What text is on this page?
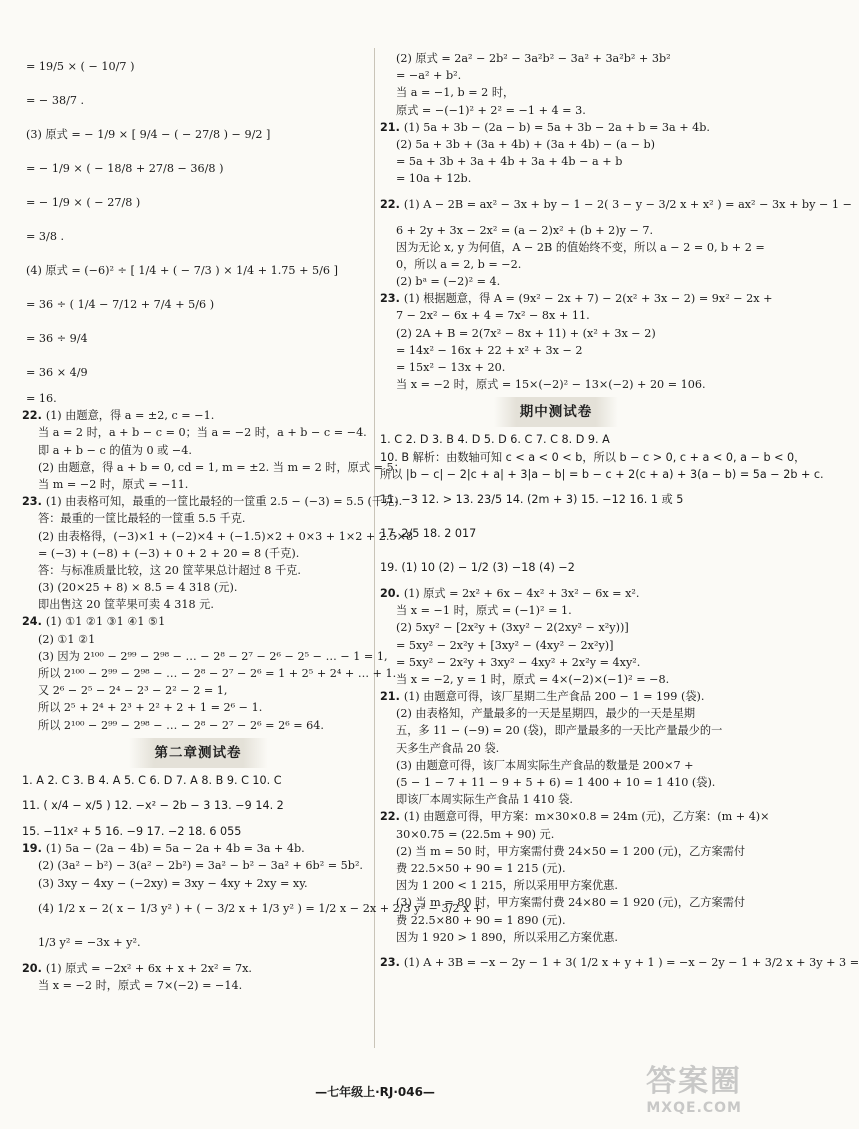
= 19/5 × ( − 10/7 )
= − 38/7 .
(3) 原式 = − 1/9 × [ 9/4 − ( − 27/8 ) − 9/2 ]
= − 1/9 × ( − 18/8 + 27/8 − 36/8 )
= − 1/9 × ( − 27/8 )
= 3/8 .
(4) 原式 = (−6)² ÷ [ 1/4 + ( − 7/3 ) × 1/4 + 1.75 + 5/6 ]
= 36 ÷ ( 1/4 − 7/12 + 7/4 + 5/6 )
= 36 ÷ 9/4
= 36 × 4/9
= 16.
22. (1) 由题意，得 a = ±2, c = −1.
当 a = 2 时，a + b − c = 0；当 a = −2 时，a + b − c = −4.
即 a + b − c 的值为 0 或 −4.
(2) 由题意，得 a + b = 0, cd = 1, m = ±2. 当 m = 2 时，原式 = 5；
当 m = −2 时，原式 = −11.
23. (1) 由表格可知，最重的一筐比最轻的一筐重 2.5 − (−3) = 5.5 (千克).
答：最重的一筐比最轻的一筐重 5.5 千克.
(2) 由表格得，(−3)×1 + (−2)×4 + (−1.5)×2 + 0×3 + 1×2 + 2.5×8
= (−3) + (−8) + (−3) + 0 + 2 + 20 = 8 (千克).
答：与标准质量比较，这 20 筐苹果总计超过 8 千克.
(3) (20×25 + 8) × 8.5 = 4 318 (元).
即出售这 20 筐苹果可卖 4 318 元.
24. (1) ①1 ②1 ③1 ④1 ⑤1
(2) ①1 ②1
(3) 因为 2¹⁰⁰ − 2⁹⁹ − 2⁹⁸ − … − 2⁸ − 2⁷ − 2⁶ − 2⁵ − … − 1 = 1,
所以 2¹⁰⁰ − 2⁹⁹ − 2⁹⁸ − … − 2⁸ − 2⁷ − 2⁶ = 1 + 2⁵ + 2⁴ + … + 1.
又 2⁶ − 2⁵ − 2⁴ − 2³ − 2² − 2 = 1,
所以 2⁵ + 2⁴ + 2³ + 2² + 2 + 1 = 2⁶ − 1.
所以 2¹⁰⁰ − 2⁹⁹ − 2⁹⁸ − … − 2⁸ − 2⁷ − 2⁶ = 2⁶ = 64.
第二章测试卷
1. A 2. C 3. B 4. A 5. C 6. D 7. A 8. B 9. C 10. C
11. ( x/4 − x/5 ) 12. −x² − 2b − 3 13. −9 14. 2
15. −11x² + 5 16. −9 17. −2 18. 6 055
19. (1) 5a − (2a − 4b) = 5a − 2a + 4b = 3a + 4b.
(2) (3a² − b²) − 3(a² − 2b²) = 3a² − b² − 3a² + 6b² = 5b².
(3) 3xy − 4xy − (−2xy) = 3xy − 4xy + 2xy = xy.
(4) 1/2 x − 2( x − 1/3 y² ) + ( − 3/2 x + 1/3 y² ) = 1/2 x − 2x + 2/3 y² − 3/2 x +
1/3 y² = −3x + y².
20. (1) 原式 = −2x² + 6x + x + 2x² = 7x.
当 x = −2 时，原式 = 7×(−2) = −14.
(2) 原式 = 2a² − 2b² − 3a²b² − 3a² + 3a²b² + 3b²
= −a² + b².
当 a = −1, b = 2 时，
原式 = −(−1)² + 2² = −1 + 4 = 3.
21. (1) 5a + 3b − (2a − b) = 5a + 3b − 2a + b = 3a + 4b.
(2) 5a + 3b + (3a + 4b) + (3a + 4b) − (a − b)
= 5a + 3b + 3a + 4b + 3a + 4b − a + b
= 10a + 12b.
22. (1) A − 2B = ax² − 3x + by − 1 − 2( 3 − y − 3/2 x + x² ) = ax² − 3x + by − 1 −
6 + 2y + 3x − 2x² = (a − 2)x² + (b + 2)y − 7.
因为无论 x, y 为何值，A − 2B 的值始终不变，所以 a − 2 = 0, b + 2 =
0，所以 a = 2, b = −2.
(2) bᵃ = (−2)² = 4.
23. (1) 根据题意，得 A = (9x² − 2x + 7) − 2(x² + 3x − 2) = 9x² − 2x +
7 − 2x² − 6x + 4 = 7x² − 8x + 11.
(2) 2A + B = 2(7x² − 8x + 11) + (x² + 3x − 2)
= 14x² − 16x + 22 + x² + 3x − 2
= 15x² − 13x + 20.
当 x = −2 时，原式 = 15×(−2)² − 13×(−2) + 20 = 106.
期中测试卷
1. C 2. D 3. B 4. D 5. D 6. C 7. C 8. D 9. A
10. B 解析：由数轴可知 c < a < 0 < b，所以 b − c > 0, c + a < 0, a − b < 0，
所以 |b − c| − 2|c + a| + 3|a − b| = b − c + 2(c + a) + 3(a − b) = 5a − 2b + c.
11. −3 12. > 13. 23/5 14. (2m + 3) 15. −12 16. 1 或 5
17. 2/5 18. 2 017
19. (1) 10 (2) − 1/2 (3) −18 (4) −2
20. (1) 原式 = 2x² + 6x − 4x² + 3x² − 6x = x².
当 x = −1 时，原式 = (−1)² = 1.
(2) 5xy² − [2x²y + (3xy² − 2(2xy² − x²y))]
= 5xy² − 2x²y + [3xy² − (4xy² − 2x²y)]
= 5xy² − 2x²y + 3xy² − 4xy² + 2x²y = 4xy².
当 x = −2, y = 1 时，原式 = 4×(−2)×(−1)² = −8.
21. (1) 由题意可得，该厂星期二生产食品 200 − 1 = 199 (袋).
(2) 由表格知，产量最多的一天是星期四，最少的一天是星期
五，多 11 − (−9) = 20 (袋)，即产量最多的一天比产量最少的一
天多生产食品 20 袋.
(3) 由题意可得，该厂本周实际生产食品的数量是 200×7 +
(5 − 1 − 7 + 11 − 9 + 5 + 6) = 1 400 + 10 = 1 410 (袋).
即该厂本周实际生产食品 1 410 袋.
22. (1) 由题意可得，甲方案：m×30×0.8 = 24m (元)，乙方案：(m + 4)×
30×0.75 = (22.5m + 90) 元.
(2) 当 m = 50 时，甲方案需付费 24×50 = 1 200 (元)，乙方案需付
费 22.5×50 + 90 = 1 215 (元).
因为 1 200 < 1 215，所以采用甲方案优惠.
(3) 当 m = 80 时，甲方案需付费 24×80 = 1 920 (元)，乙方案需付
费 22.5×80 + 90 = 1 890 (元).
因为 1 920 > 1 890，所以采用乙方案优惠.
23. (1) A + 3B = −x − 2y − 1 + 3( 1/2 x + y + 1 ) = −x − 2y − 1 + 3/2 x + 3y + 3 =
—七年级上·RJ·046—	答案圈
MXQE.COM
